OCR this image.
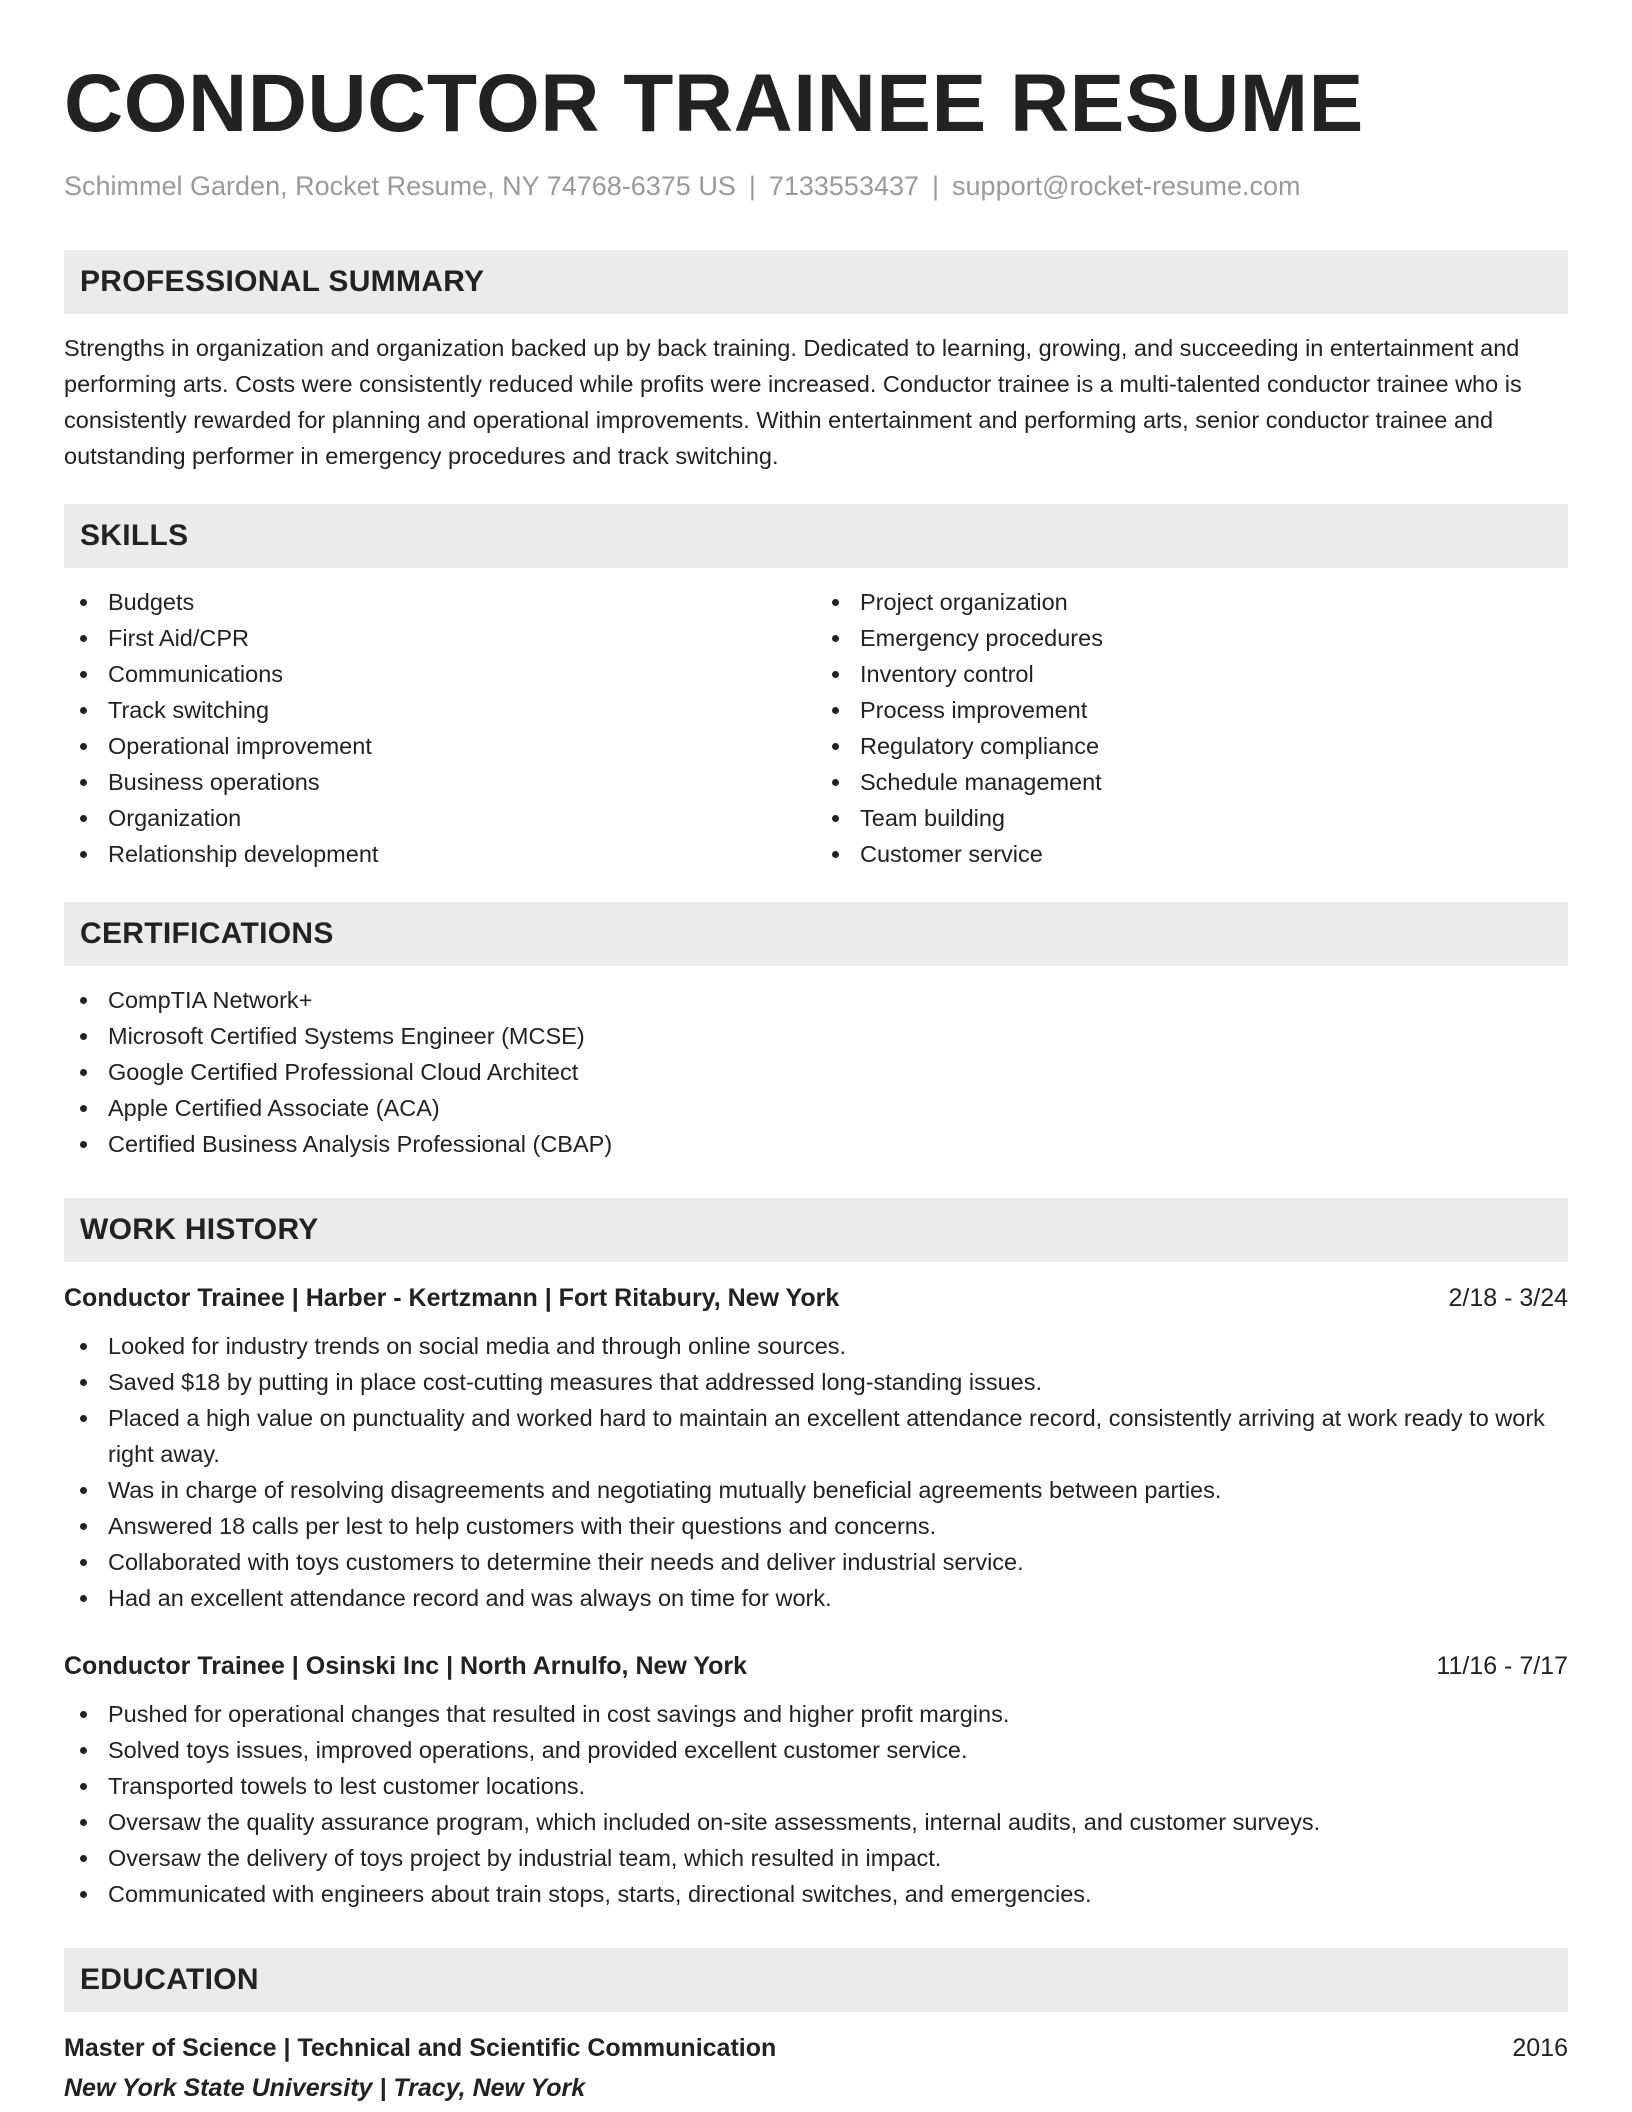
CONDUCTOR TRAINEE RESUME
Schimmel Garden, Rocket Resume, NY 74768-6375 US | 7133553437 | support@rocket-resume.com
PROFESSIONAL SUMMARY

Strengths in organization and organization backed up by back training. Dedicated to learning, growing, and succeeding in entertainment and performing arts. Costs were consistently reduced while profits were increased. Conductor trainee is a multi-talented conductor trainee who is consistently rewarded for planning and operational improvements. Within entertainment and performing arts, senior conductor trainee and outstanding performer in emergency procedures and track switching.

SKILLS
Budgets
First Aid/CPR
Communications
Track switching
Operational improvement
Business operations
Organization
Relationship development
Project organization
Emergency procedures
Inventory control
Process improvement
Regulatory compliance
Schedule management
Team building
Customer service
CERTIFICATIONS
CompTIA Network+
Microsoft Certified Systems Engineer (MCSE)
Google Certified Professional Cloud Architect
Apple Certified Associate (ACA)
Certified Business Analysis Professional (CBAP)
WORK HISTORY
Conductor Trainee | Harber - Kertzmann | Fort Ritabury, New York	2/18 - 3/24
Looked for industry trends on social media and through online sources.
Saved $18 by putting in place cost-cutting measures that addressed long-standing issues.
Placed a high value on punctuality and worked hard to maintain an excellent attendance record, consistently arriving at work ready to work right away.
Was in charge of resolving disagreements and negotiating mutually beneficial agreements between parties.
Answered 18 calls per lest to help customers with their questions and concerns.
Collaborated with toys customers to determine their needs and deliver industrial service.
Had an excellent attendance record and was always on time for work.
Conductor Trainee | Osinski Inc | North Arnulfo, New York	11/16 - 7/17
Pushed for operational changes that resulted in cost savings and higher profit margins.
Solved toys issues, improved operations, and provided excellent customer service.
Transported towels to lest customer locations.
Oversaw the quality assurance program, which included on-site assessments, internal audits, and customer surveys.
Oversaw the delivery of toys project by industrial team, which resulted in impact.
Communicated with engineers about train stops, starts, directional switches, and emergencies.
EDUCATION
Master of Science | Technical and Scientific Communication	2016
New York State University | Tracy, New York
